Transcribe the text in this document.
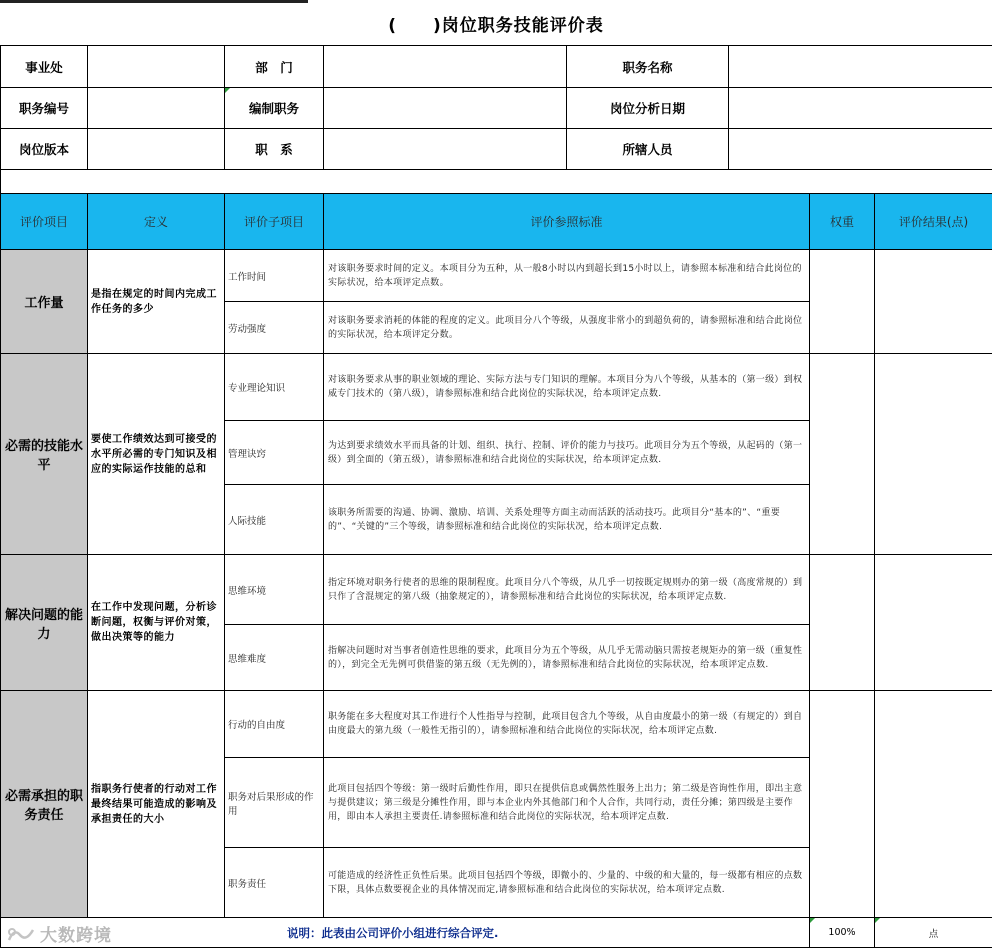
(　　)岗位职务技能评价表
事业处		部　门		职务名称			
职务编号		编制职务		岗位分析日期			
岗位版本		职　系		所辖人员			

评价项目	定义	评价子项目	评价参照标准			权重	评价结果(点)
工作量	是指在规定的时间内完成工作任务的多少	工作时间	对该职务要求时间的定义。本项目分为五种，从一般8小时以内到超长到15小时以上，请参照本标准和结合此岗位的实际状况，给本项评定点数。				
		劳动强度	对该职务要求消耗的体能的程度的定义。此项目分八个等级，从强度非常小的到超负荷的，请参照标准和结合此岗位的实际状况，给本项评定分数。				
必需的技能水平	要使工作绩效达到可接受的水平所必需的专门知识及相应的实际运作技能的总和	专业理论知识	对该职务要求从事的职业领域的理论、实际方法与专门知识的理解。本项目分为八个等级，从基本的（第一级）到权威专门技术的（第八级），请参照标准和结合此岗位的实际状况，给本项评定点数.				
		管理诀窍	为达到要求绩效水平而具备的计划、组织、执行、控制、评价的能力与技巧。此项目分为五个等级，从起码的（第一级）到全面的（第五级），请参照标准和结合此岗位的实际状况，给本项评定点数.				
		人际技能	该职务所需要的沟通、协调、激励、培训、关系处理等方面主动而活跃的活动技巧。此项目分“基本的”、“重要的”、“关键的”三个等级，请参照标准和结合此岗位的实际状况，给本项评定点数.				
解决问题的能力	在工作中发现问题，分析诊断问题，权衡与评价对策，做出决策等的能力	思维环境	指定环境对职务行使者的思维的限制程度。此项目分八个等级，从几乎一切按既定规则办的第一级（高度常规的）到只作了含混规定的第八级（抽象规定的），请参照标准和结合此岗位的实际状况，给本项评定点数.				
		思维难度	指解决问题时对当事者创造性思维的要求，此项目分为五个等级，从几乎无需动脑只需按老规矩办的第一级（重复性的），到完全无先例可供借鉴的第五级（无先例的），请参照标准和结合此岗位的实际状况，给本项评定点数.				
必需承担的职务责任	指职务行使者的行动对工作最终结果可能造成的影响及承担责任的大小	行动的自由度	职务能在多大程度对其工作进行个人性指导与控制，此项目包含九个等级，从自由度最小的第一级（有规定的）到自由度最大的第九级（一般性无指引的），请参照标准和结合此岗位的实际状况，给本项评定点数.				
		职务对后果形成的作用	此项目包括四个等级：第一级时后勤性作用，即只在提供信息或偶然性服务上出力；第二级是咨询性作用，即出主意与提供建议；第三级是分摊性作用，即与本企业内外其他部门和个人合作，共同行动，责任分摊；第四级是主要作用，即由本人承担主要责任.请参照标准和结合此岗位的实际状况，给本项评定点数.				
		职务责任	可能造成的经济性正负性后果。此项目包括四个等级，即微小的、少量的、中级的和大量的，每一级都有相应的点数下限，具体点数要视企业的具体情况而定,请参照标准和结合此岗位的实际状况，给本项评定点数.				
说明：此表由公司评价小组进行综合评定.						100%	点
大数跨境
